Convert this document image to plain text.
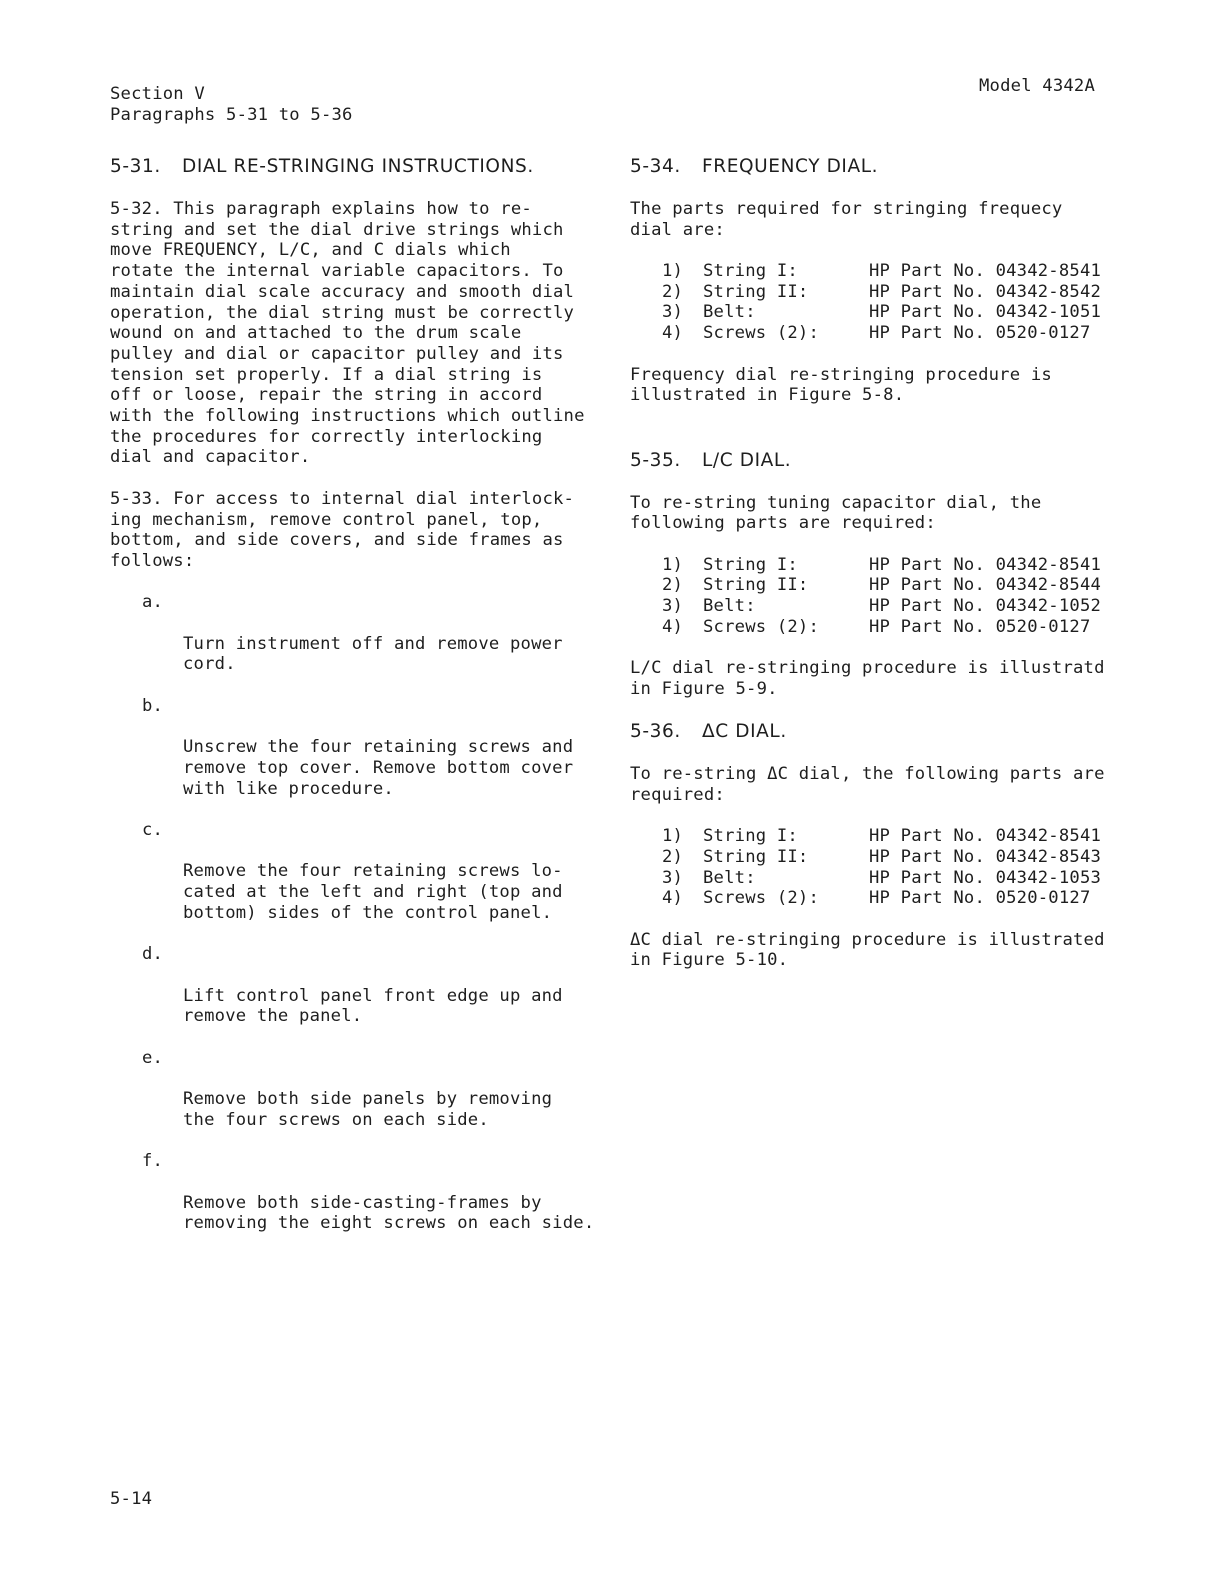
Section V
Paragraphs 5-31 to 5-36
Model 4342A
5-31. DIAL RE-STRINGING INSTRUCTIONS.
5-32. This paragraph explains how to re-
string and set the dial drive strings which
move FREQUENCY, L/C, and C dials which
rotate the internal variable capacitors. To
maintain dial scale accuracy and smooth dial
operation, the dial string must be correctly
wound on and attached to the drum scale
pulley and dial or capacitor pulley and its
tension set properly. If a dial string is
off or loose, repair the string in accord
with the following instructions which outline
the procedures for correctly interlocking
dial and capacitor.
5-33. For access to internal dial interlock-
ing mechanism, remove control panel, top,
bottom, and side covers, and side frames as
follows:

a.

Turn instrument off and remove power
cord.

b.

Unscrew the four retaining screws and
remove top cover. Remove bottom cover
with like procedure.

c.

Remove the four retaining screws lo-
cated at the left and right (top and
bottom) sides of the control panel.

d.

Lift control panel front edge up and
remove the panel.

e.

Remove both side panels by removing
the four screws on each side.

f.

Remove both side-casting-frames by
removing the eight screws on each side.

5-34. FREQUENCY DIAL.
The parts required for stringing frequecy
dial are:
1) String I:	HP Part No. 04342-8541
2) String II:	HP Part No. 04342-8542
3) Belt:	HP Part No. 04342-1051
4) Screws (2):	HP Part No. 0520-0127
Frequency dial re-stringing procedure is
illustrated in Figure 5-8.
5-35. L/C DIAL.
To re-string tuning capacitor dial, the
following parts are required:
1) String I:	HP Part No. 04342-8541
2) String II:	HP Part No. 04342-8544
3) Belt:	HP Part No. 04342-1052
4) Screws (2):	HP Part No. 0520-0127
L/C dial re-stringing procedure is illustratd
in Figure 5-9.
5-36. ΔC DIAL.
To re-string ΔC dial, the following parts are
required:
1) String I:	HP Part No. 04342-8541
2) String II:	HP Part No. 04342-8543
3) Belt:	HP Part No. 04342-1053
4) Screws (2):	HP Part No. 0520-0127
ΔC dial re-stringing procedure is illustrated
in Figure 5-10.
5-14
